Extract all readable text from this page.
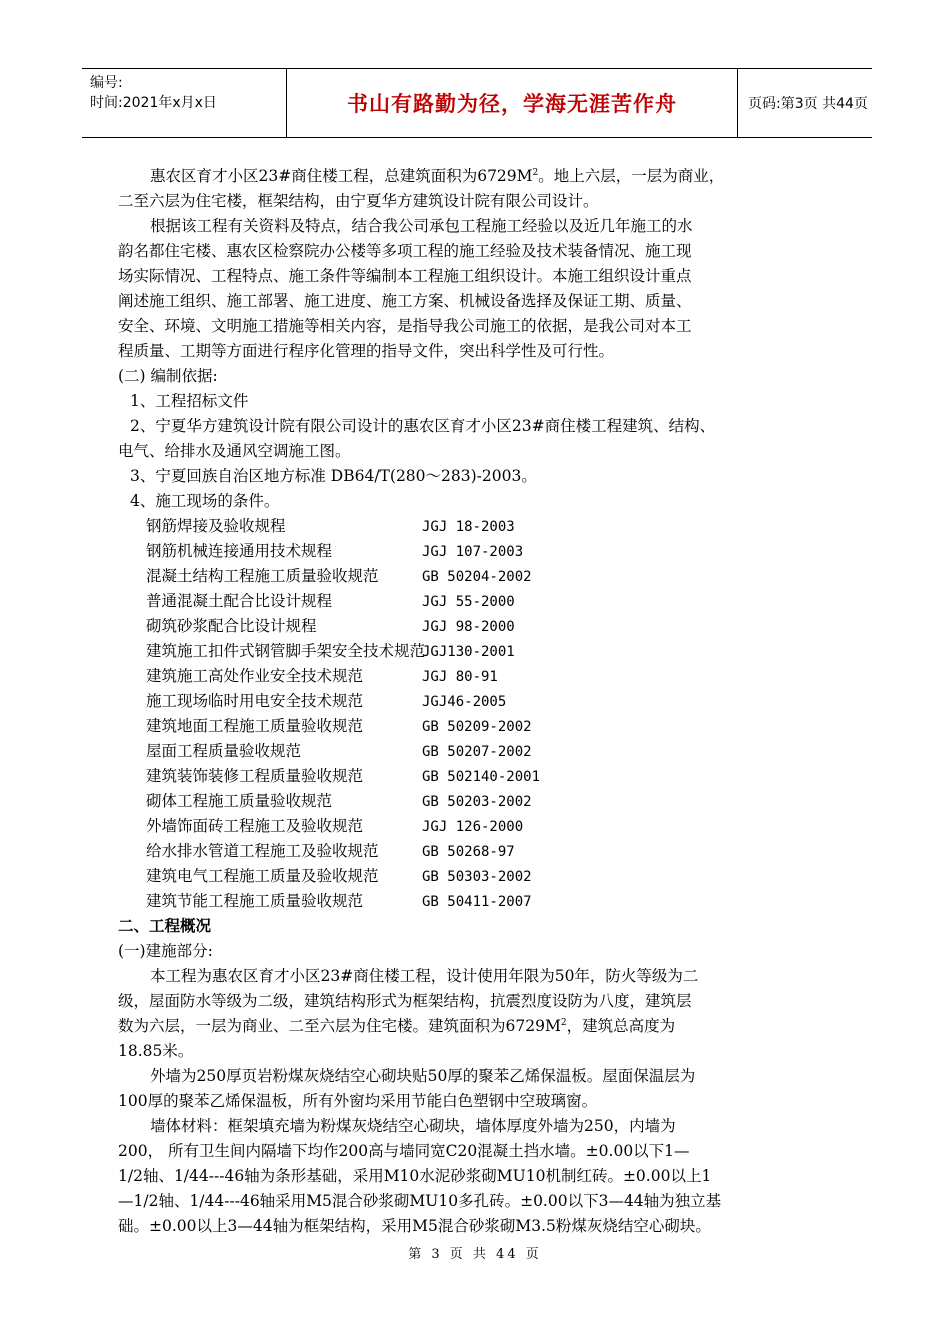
编号:
时间:2021年x月x日	书山有路勤为径，学海无涯苦作舟	页码:第3页 共44页
惠农区育才小区23#商住楼工程，总建筑面积为$6729M^2$。地上六层，一层为商业，
二至六层为住宅楼，框架结构，由宁夏华方建筑设计院有限公司设计。
根据该工程有关资料及特点，结合我公司承包工程施工经验以及近几年施工的水
韵名都住宅楼、惠农区检察院办公楼等多项工程的施工经验及技术装备情况、施工现
场实际情况、工程特点、施工条件等编制本工程施工组织设计。本施工组织设计重点
阐述施工组织、施工部署、施工进度、施工方案、机械设备选择及保证工期、质量、
安全、环境、文明施工措施等相关内容，是指导我公司施工的依据，是我公司对本工
程质量、工期等方面进行程序化管理的指导文件，突出科学性及可行性。
(二) 编制依据:
1、工程招标文件
2、宁夏华方建筑设计院有限公司设计的惠农区育才小区23#商住楼工程建筑、结构、
电气、给排水及通风空调施工图。
3、宁夏回族自治区地方标准 DB64/T(280～283)-2003。
4、施工现场的条件。
钢筋焊接及验收规程	JGJ 18-2003
钢筋机械连接通用技术规程	JGJ 107-2003
混凝土结构工程施工质量验收规范	GB 50204-2002
普通混凝土配合比设计规程	JGJ 55-2000
砌筑砂浆配合比设计规程	JGJ 98-2000
建筑施工扣件式钢管脚手架安全技术规范JGJ130-2001
建筑施工高处作业安全技术规范	JGJ 80-91
施工现场临时用电安全技术规范	JGJ46-2005
建筑地面工程施工质量验收规范	GB 50209-2002
屋面工程质量验收规范	GB 50207-2002
建筑装饰装修工程质量验收规范	GB 502140-2001
砌体工程施工质量验收规范	GB 50203-2002
外墙饰面砖工程施工及验收规范	JGJ 126-2000
给水排水管道工程施工及验收规范	GB 50268-97
建筑电气工程施工质量及验收规范	GB 50303-2002
建筑节能工程施工质量验收规范	GB 50411-2007
二、工程概况
(一)建施部分:
本工程为惠农区育才小区23#商住楼工程，设计使用年限为50年，防火等级为二
级，屋面防水等级为二级，建筑结构形式为框架结构，抗震烈度设防为八度，建筑层
数为六层，一层为商业、二至六层为住宅楼。建筑面积为$6729M^2$，建筑总高度为
18.85米。
外墙为250厚页岩粉煤灰烧结空心砌块贴50厚的聚苯乙烯保温板。屋面保温层为
100厚的聚苯乙烯保温板，所有外窗均采用节能白色塑钢中空玻璃窗。
墙体材料：框架填充墙为粉煤灰烧结空心砌块，墙体厚度外墙为250，内墙为
200， 所有卫生间内隔墙下均作200高与墙同宽C20混凝土挡水墙。±0.00以下1—
1/2轴、1/44---46轴为条形基础，采用M10水泥砂浆砌MU10机制红砖。±0.00以上1
—1/2轴、1/44---46轴采用M5混合砂浆砌MU10多孔砖。±0.00以下3—44轴为独立基
础。±0.00以上3—44轴为框架结构，采用M5混合砂浆砌M3.5粉煤灰烧结空心砌块。
第 3 页 共 44 页
